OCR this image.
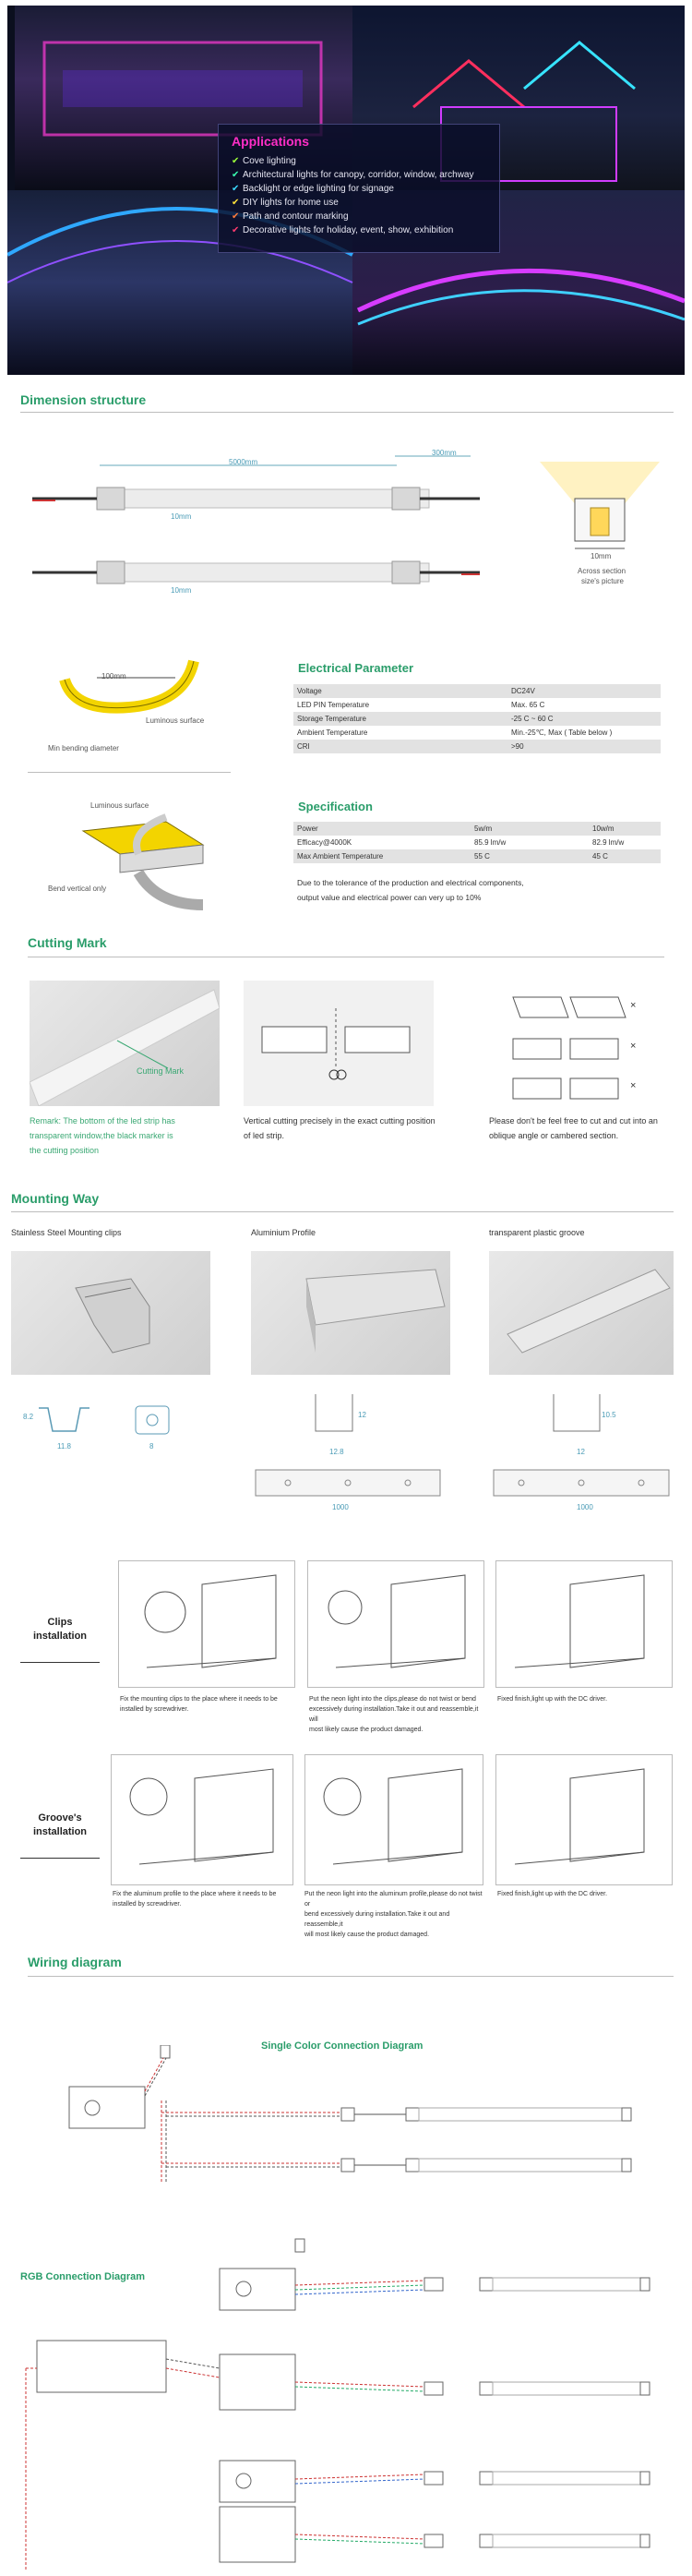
Applications
✔ Cove lighting
✔ Architectural lights for canopy, corridor, window, archway
✔ Backlight or edge lighting for signage
✔ DIY lights for home use
✔ Path and contour marking
✔ Decorative lights for holiday, event, show, exhibition
Dimension structure
5000mm
300mm
10mm
10mm
10mm
Across section
size's picture
100mm
Luminous surface
Min bending diameter
Luminous surface
Bend vertical only
Electrical Parameter
Voltage	DC24V
LED PIN Temperature	Max. 65 C
Storage Temperature	-25 C ~ 60 C
Ambient Temperature	Min.-25℃, Max ( Table below )
CRI	>90
Specification
Power	5w/m	10w/m
Efficacy@4000K	85.9 lm/w	82.9 lm/w
Max Ambient Temperature	55 C	45 C
Due to the tolerance of the production and electrical components,
output value and electrical power can very up to 10%
Cutting Mark
Cutting Mark
Remark: The bottom of the led strip has
transparent window,the black marker is
the cutting position
Vertical cutting precisely in the exact cutting position
of led strip.
×
×
×
Please don't be feel free to cut and cut into an
oblique angle or cambered section.
Mounting Way
Stainless Steel Mounting clips	Aluminium Profile	transparent plastic groove
8.2
11.8	8
12
12.8
1000
10.5
12
1000
Clips
installation
Fix the mounting clips to the place where it needs to be
installed by screwdriver.
Put the neon light into the clips,please do not twist or bend
excessively during installation.Take it out and reassemble,it will
most likely cause the product damaged.
Fixed finish,light up with the DC driver.
Groove's
installation
Fix the aluminum profile to the place where it needs to be
installed by screwdriver.
Put the neon light into the aluminum profile,please do not twist or
bend excessively during installation.Take it out and reassemble,it
will most likely cause the product damaged.
Fixed finish,light up with the DC driver.
Wiring diagram
Single Color Connection Diagram
RGB Connection Diagram
